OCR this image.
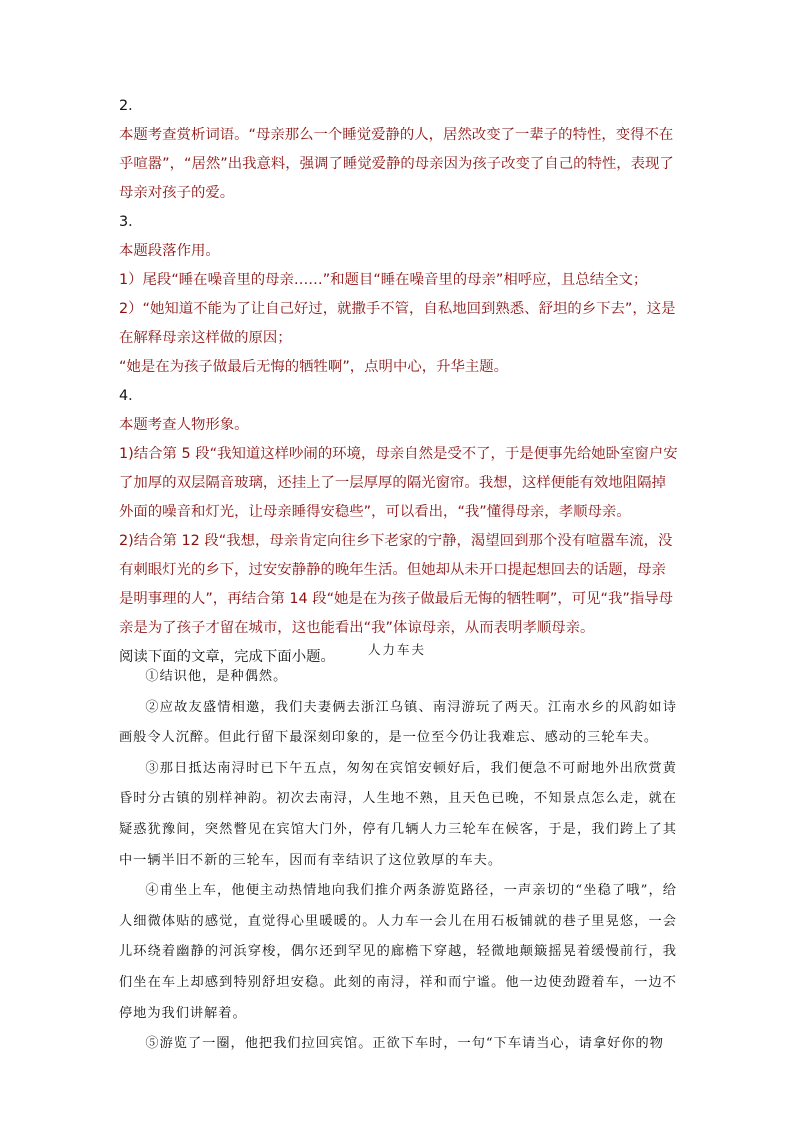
2．

本题考查赏析词语。“母亲那么一个睡觉爱静的人，居然改变了一辈子的特性，变得不在乎喧嚣”，“居然”出我意料，强调了睡觉爱静的母亲因为孩子改变了自己的特性，表现了母亲对孩子的爱。

3．

本题段落作用。

1）尾段“睡在噪音里的母亲……”和题目“睡在噪音里的母亲”相呼应，且总结全文；

2）“她知道不能为了让自己好过，就撒手不管，自私地回到熟悉、舒坦的乡下去”，这是在解释母亲这样做的原因；

“她是在为孩子做最后无悔的牺牲啊”，点明中心，升华主题。

4．

本题考查人物形象。

1)结合第 5 段“我知道这样吵闹的环境，母亲自然是受不了，于是便事先给她卧室窗户安了加厚的双层隔音玻璃，还挂上了一层厚厚的隔光窗帘。我想，这样便能有效地阻隔掉外面的噪音和灯光，让母亲睡得安稳些”，可以看出，“我”懂得母亲，孝顺母亲。

2)结合第 12 段“我想，母亲肯定向往乡下老家的宁静，渴望回到那个没有喧嚣车流，没有刺眼灯光的乡下，过安安静静的晚年生活。但她却从未开口提起想回去的话题，母亲是明事理的人”，再结合第 14 段“她是在为孩子做最后无悔的牺牲啊”，可见“我”指导母亲是为了孩子才留在城市，这也能看出“我”体谅母亲，从而表明孝顺母亲。

阅读下面的文章，完成下面小题。	人力车夫

①结识他，是种偶然。

②应故友盛情相邀，我们夫妻俩去浙江乌镇、南浔游玩了两天。江南水乡的风韵如诗画般令人沉醉。但此行留下最深刻印象的，是一位至今仍让我难忘、感动的三轮车夫。

③那日抵达南浔时已下午五点，匆匆在宾馆安顿好后，我们便急不可耐地外出欣赏黄昏时分古镇的别样神韵。初次去南浔，人生地不熟，且天色已晚，不知景点怎么走，就在疑惑犹豫间，突然瞥见在宾馆大门外，停有几辆人力三轮车在候客，于是，我们跨上了其中一辆半旧不新的三轮车，因而有幸结识了这位敦厚的车夫。

④甫坐上车，他便主动热情地向我们推介两条游览路径，一声亲切的“坐稳了哦”，给人细微体贴的感觉，直觉得心里暖暖的。人力车一会儿在用石板铺就的巷子里晃悠，一会儿环绕着幽静的河浜穿梭，偶尔还到罕见的廊檐下穿越，轻微地颠簸摇晃着缓慢前行，我们坐在车上却感到特别舒坦安稳。此刻的南浔，祥和而宁谧。他一边使劲蹬着车，一边不停地为我们讲解着。

⑤游览了一圈，他把我们拉回宾馆。正欲下车时，一句“下车请当心，请拿好你的物
